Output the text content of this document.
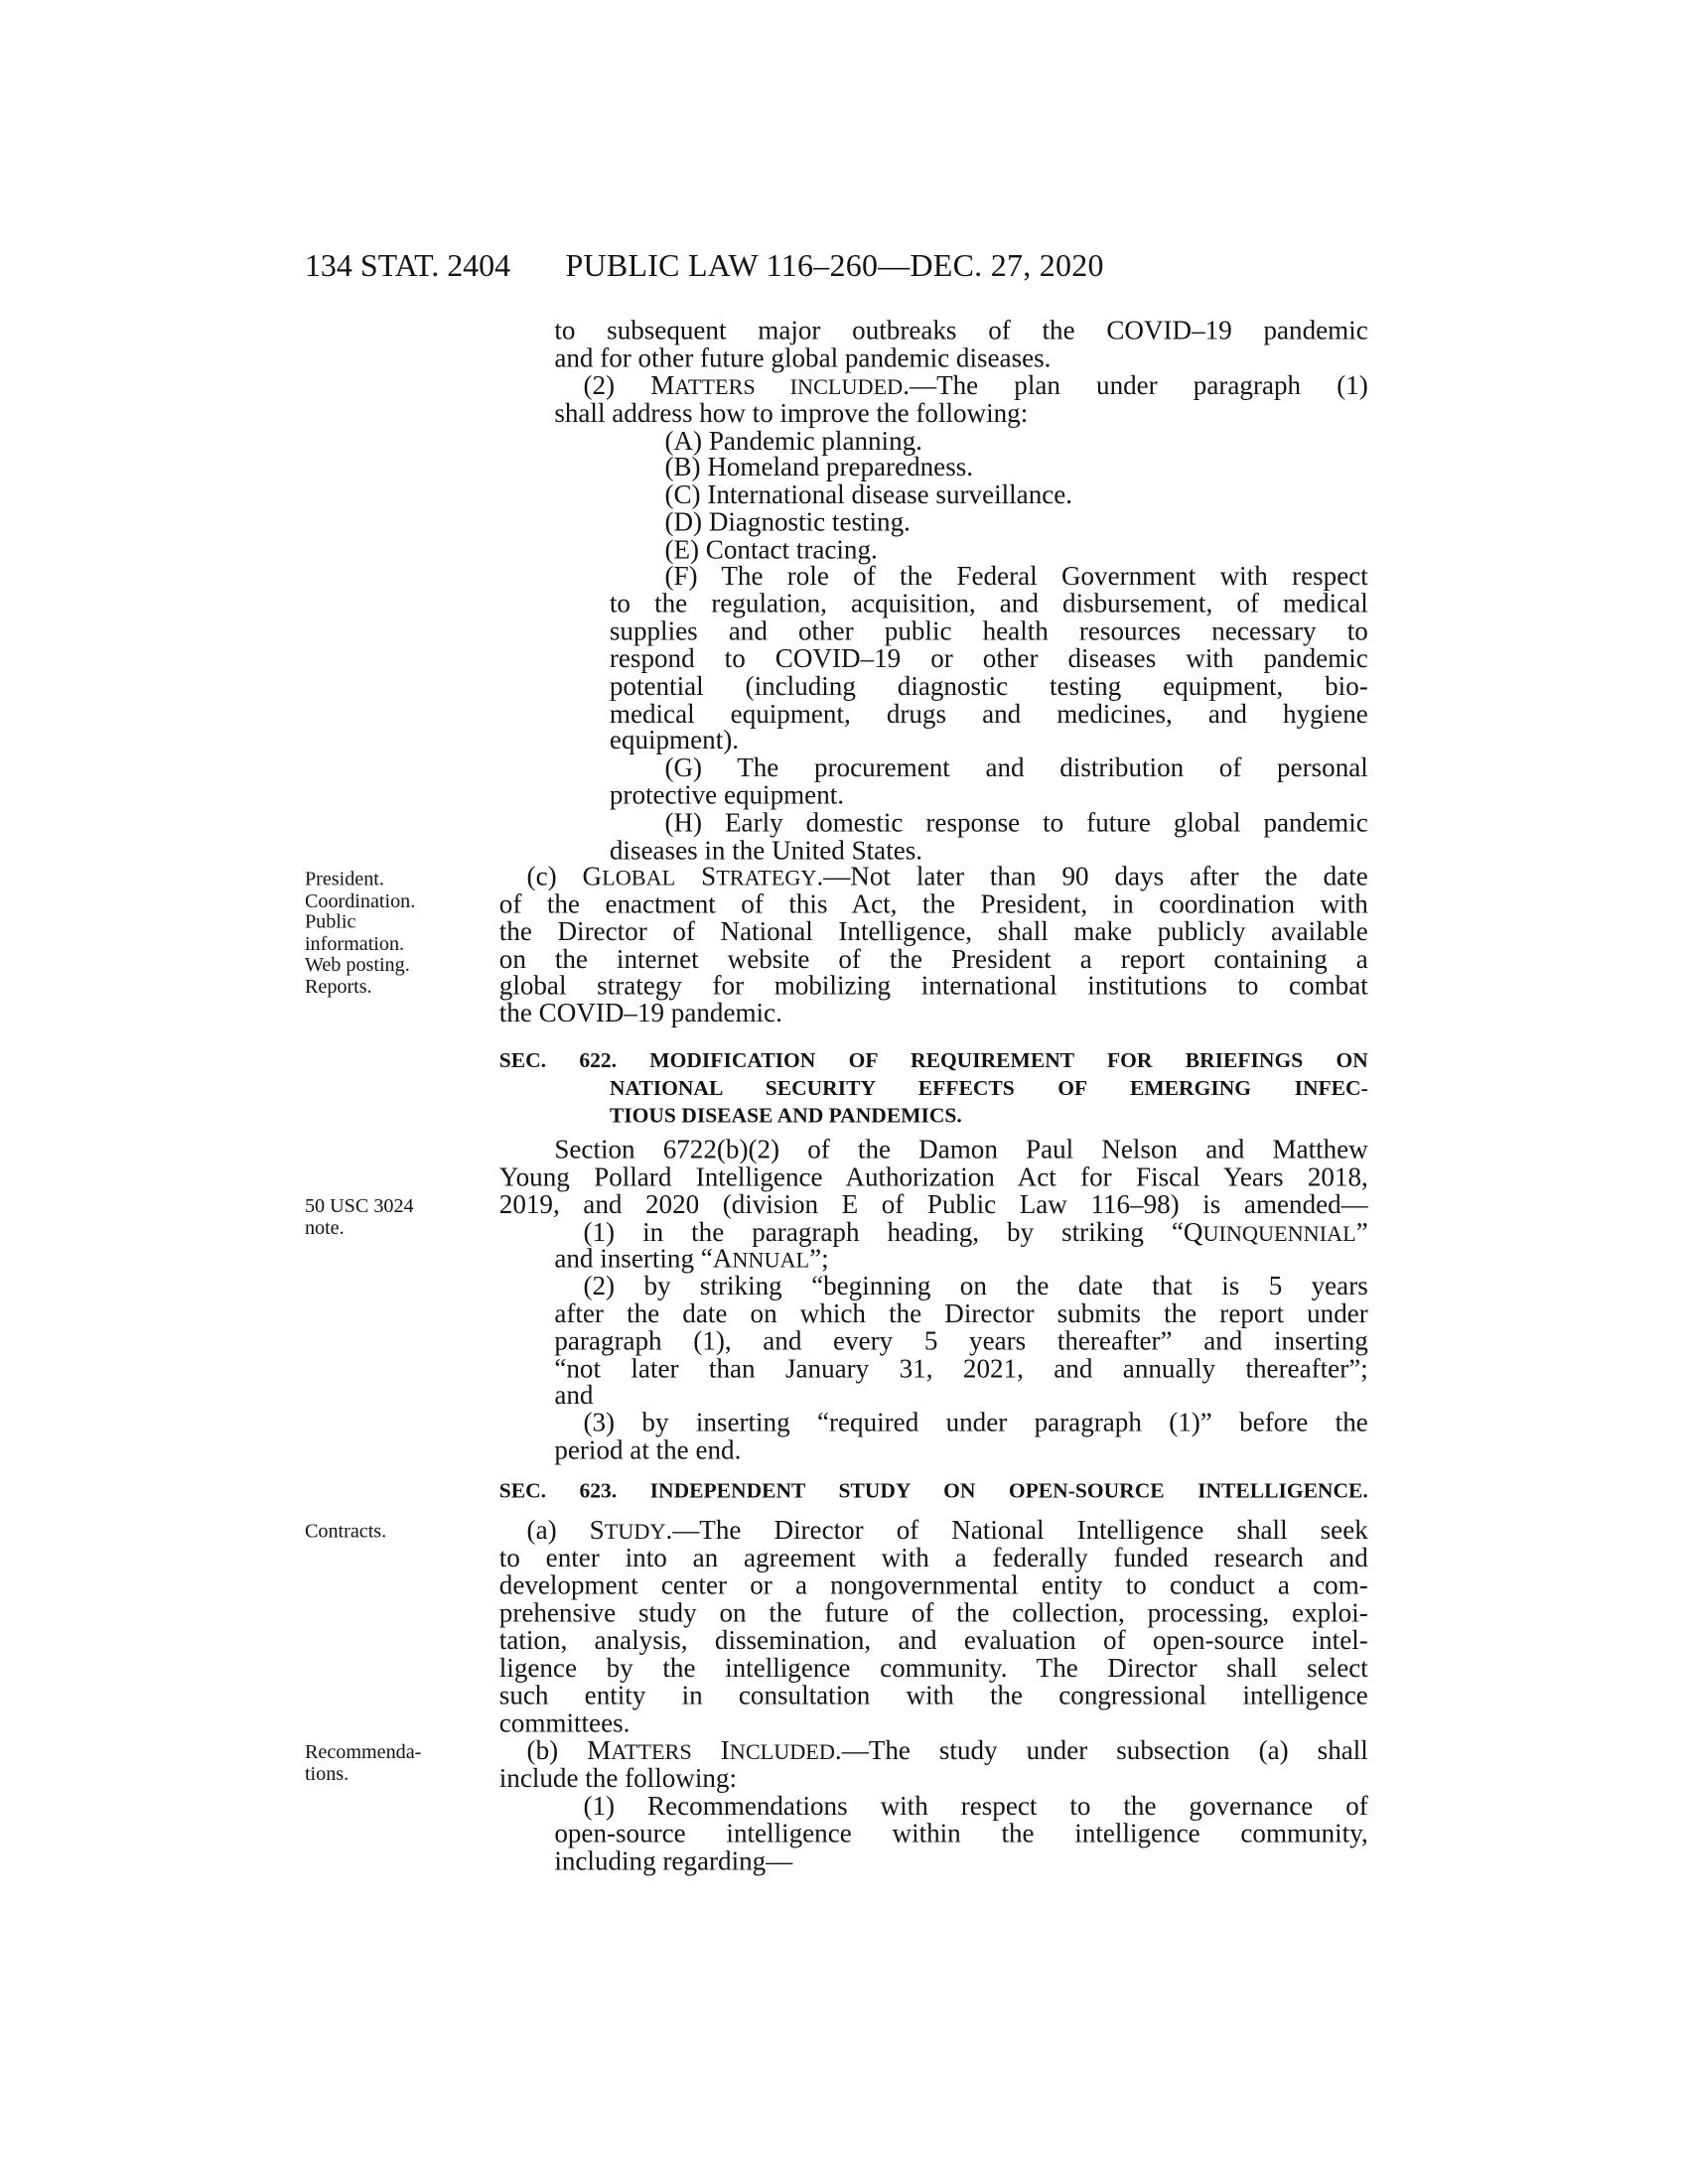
134 STAT. 2404 PUBLIC LAW 116–260—DEC. 27, 2020
President.
Coordination.
Public
information.
Web posting.
Reports.
50 USC 3024
note.
Contracts.
Recommenda-
tions.
to subsequent major outbreaks of the COVID–19 pandemic
and for other future global pandemic diseases.
(2) MATTERS INCLUDED.—The plan under paragraph (1)
shall address how to improve the following:
(A) Pandemic planning.
(B) Homeland preparedness.
(C) International disease surveillance.
(D) Diagnostic testing.
(E) Contact tracing.
(F) The role of the Federal Government with respect
to the regulation, acquisition, and disbursement, of medical
supplies and other public health resources necessary to
respond to COVID–19 or other diseases with pandemic
potential (including diagnostic testing equipment, bio-
medical equipment, drugs and medicines, and hygiene
equipment).
(G) The procurement and distribution of personal
protective equipment.
(H) Early domestic response to future global pandemic
diseases in the United States.
(c) GLOBAL STRATEGY.—Not later than 90 days after the date
of the enactment of this Act, the President, in coordination with
the Director of National Intelligence, shall make publicly available
on the internet website of the President a report containing a
global strategy for mobilizing international institutions to combat
the COVID–19 pandemic.
SEC. 622. MODIFICATION OF REQUIREMENT FOR BRIEFINGS ON
NATIONAL SECURITY EFFECTS OF EMERGING INFEC-
TIOUS DISEASE AND PANDEMICS.
Section 6722(b)(2) of the Damon Paul Nelson and Matthew
Young Pollard Intelligence Authorization Act for Fiscal Years 2018,
2019, and 2020 (division E of Public Law 116–98) is amended—
(1) in the paragraph heading, by striking “QUINQUENNIAL”
and inserting “ANNUAL”;
(2) by striking “beginning on the date that is 5 years
after the date on which the Director submits the report under
paragraph (1), and every 5 years thereafter” and inserting
“not later than January 31, 2021, and annually thereafter”;
and
(3) by inserting “required under paragraph (1)” before the
period at the end.
SEC. 623. INDEPENDENT STUDY ON OPEN-SOURCE INTELLIGENCE.
(a) STUDY.—The Director of National Intelligence shall seek
to enter into an agreement with a federally funded research and
development center or a nongovernmental entity to conduct a com-
prehensive study on the future of the collection, processing, exploi-
tation, analysis, dissemination, and evaluation of open-source intel-
ligence by the intelligence community. The Director shall select
such entity in consultation with the congressional intelligence
committees.
(b) MATTERS INCLUDED.—The study under subsection (a) shall
include the following:
(1) Recommendations with respect to the governance of
open-source intelligence within the intelligence community,
including regarding—
